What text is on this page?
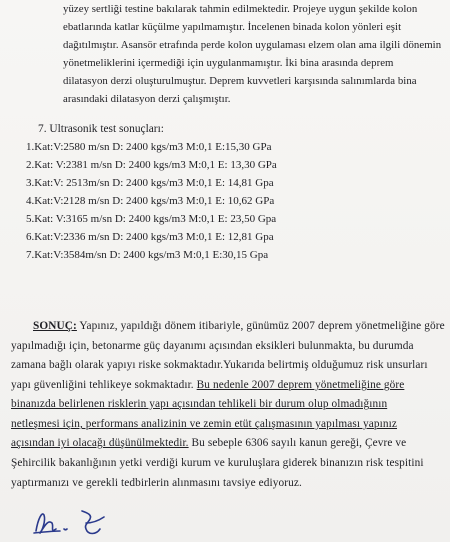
yüzey sertliği testine bakılarak tahmin edilmektedir. Projeye uygun şekilde kolon
ebatlarında katlar küçülme yapılmamıştır. İncelenen binada kolon yönleri eşit
dağıtılmıştır. Asansör etrafında perde kolon uygulaması elzem olan ama ilgili dönemin
yönetmeliklerini içermediği için uygulanmamıştır. İki bina arasında deprem
dilatasyon derzi oluşturulmuştur. Deprem kuvvetleri karşısında salınımlarda bina
arasındaki dilatasyon derzi çalışmıştır.
7. Ultrasonik test sonuçları:
1.Kat:V:2580 m/sn D: 2400 kgs/m3 M:0,1 E:15,30 GPa
2.Kat: V:2381 m/sn D: 2400 kgs/m3 M:0,1 E: 13,30 GPa
3.Kat:V: 2513m/sn D: 2400 kgs/m3 M:0,1 E: 14,81 Gpa
4.Kat:V:2128 m/sn D: 2400 kgs/m3 M:0,1 E: 10,62 GPa
5.Kat: V:3165 m/sn D: 2400 kgs/m3 M:0,1 E: 23,50 Gpa
6.Kat:V:2336 m/sn D: 2400 kgs/m3 M:0,1 E: 12,81 Gpa
7.Kat:V:3584m/sn D: 2400 kgs/m3 M:0,1 E:30,15 Gpa
SONUÇ: Yapınız, yapıldığı dönem itibariyle, günümüz 2007 deprem yönetmeliğine göre
yapılmadığı için, betonarme güç dayanımı açısından eksikleri bulunmakta, bu durumda
zamana bağlı olarak yapıyı riske sokmaktadır.Yukarıda belirtmiş olduğumuz risk unsurları
yapı güvenliğini tehlikeye sokmaktadır. Bu nedenle 2007 deprem yönetmeliğine göre
binanızda belirlenen risklerin yapı açısından tehlikeli bir durum olup olmadığının
netleşmesi için, performans analizinin ve zemin etüt çalışmasının yapılması yapınız
açısından iyi olacağı düşünülmektedir. Bu sebeple 6306 sayılı kanun gereği, Çevre ve
Şehircilik bakanlığının yetki verdiği kurum ve kuruluşlara giderek binanızın risk tespitini
yaptırmanızı ve gerekli tedbirlerin alınmasını tavsiye ediyoruz.
